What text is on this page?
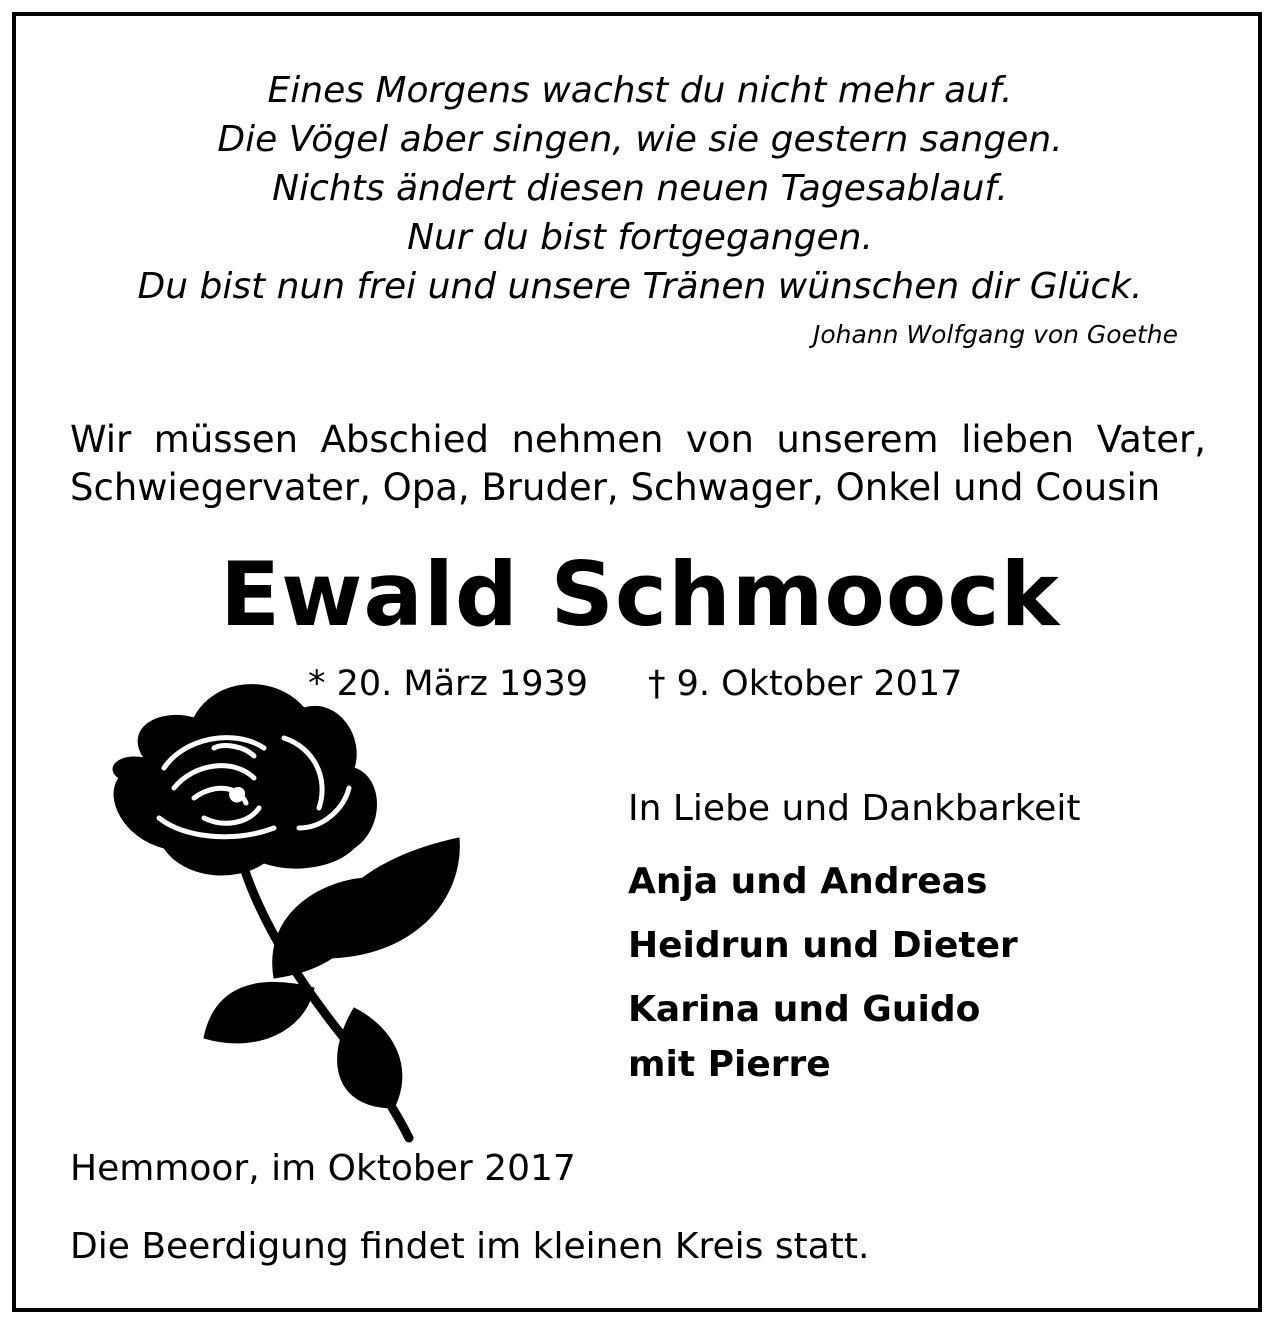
Eines Morgens wachst du nicht mehr auf.
Die Vögel aber singen, wie sie gestern sangen.
Nichts ändert diesen neuen Tagesablauf.
Nur du bist fortgegangen.
Du bist nun frei und unsere Tränen wünschen dir Glück.
Johann Wolfgang von Goethe
Wir müssen Abschied nehmen von unserem lieben Vater,
Schwiegervater, Opa, Bruder, Schwager, Onkel und Cousin
Ewald Schmoock
* 20. März 1939 † 9. Oktober 2017
In Liebe und Dankbarkeit
Anja und Andreas
Heidrun und Dieter
Karina und Guido
mit Pierre
Hemmoor, im Oktober 2017
Die Beerdigung findet im kleinen Kreis statt.
